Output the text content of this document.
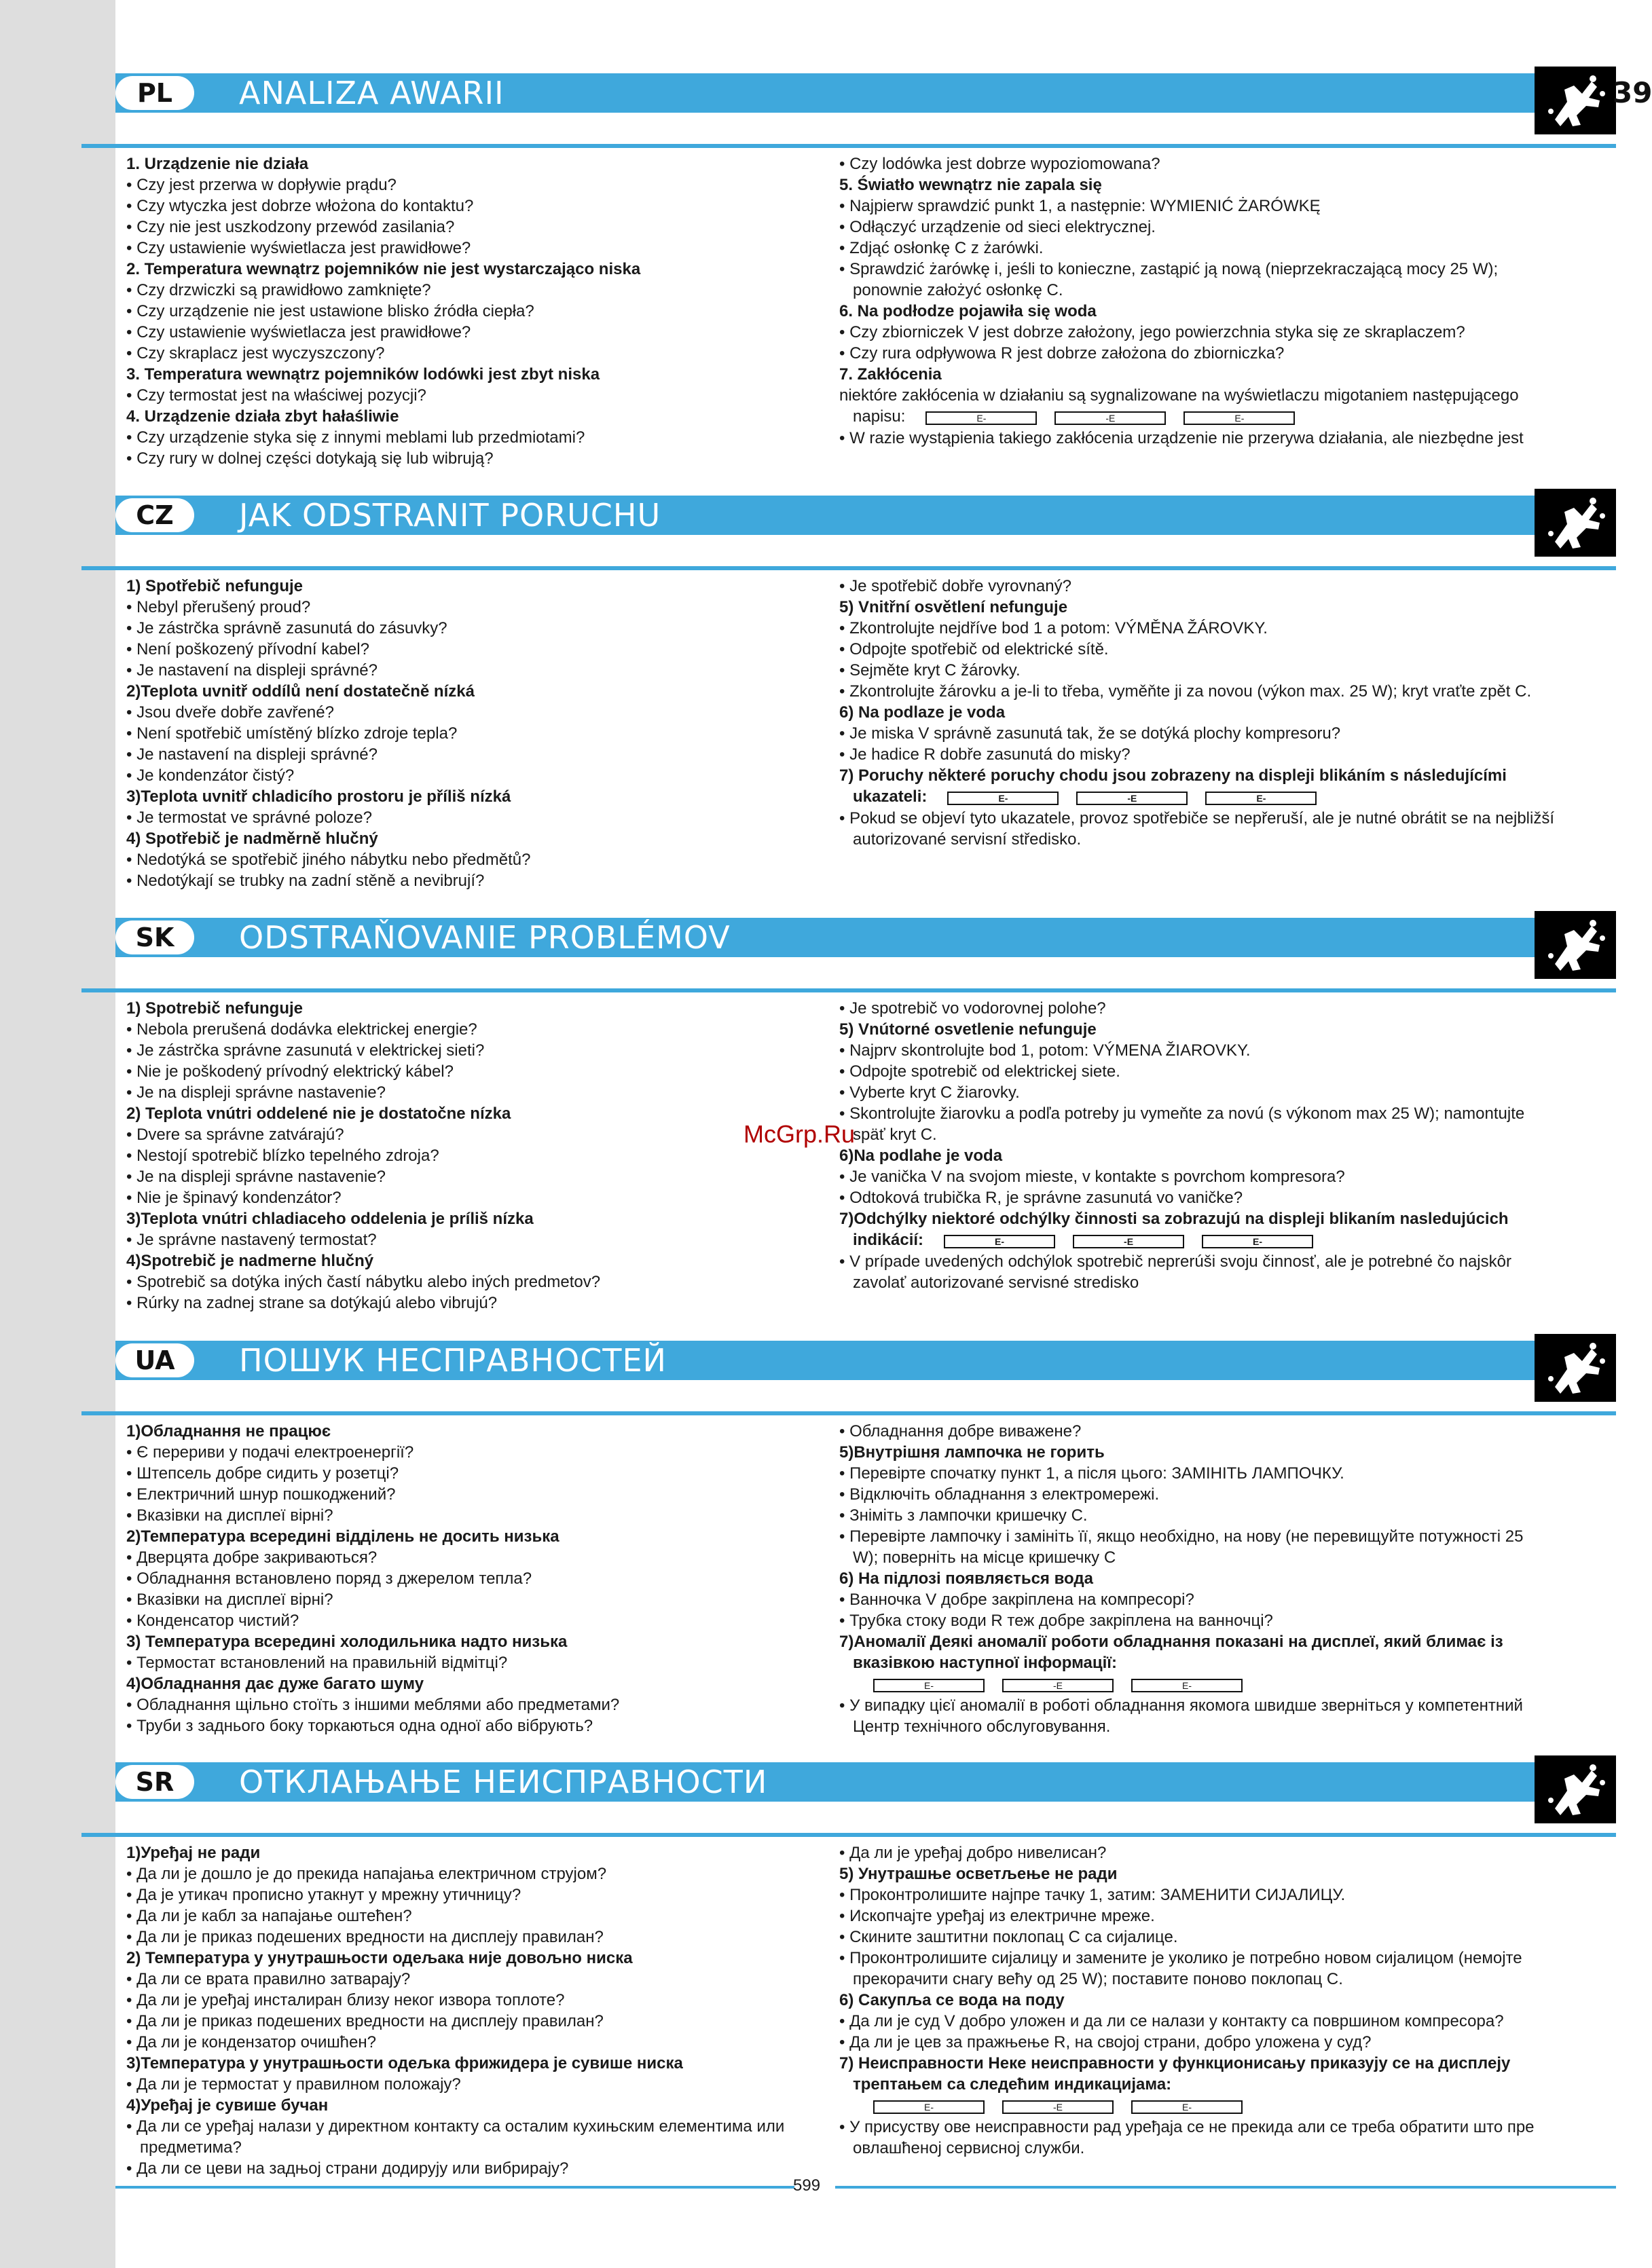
PL	ANALIZA AWARII	39
1. Urządzenie nie działa
• Czy jest przerwa w dopływie prądu?
• Czy wtyczka jest dobrze włożona do kontaktu?
• Czy nie jest uszkodzony przewód zasilania?
• Czy ustawienie wyświetlacza jest prawidłowe?
2. Temperatura wewnątrz pojemników nie jest wystarczająco niska
• Czy drzwiczki są prawidłowo zamknięte?
• Czy urządzenie nie jest ustawione blisko źródła ciepła?
• Czy ustawienie wyświetlacza jest prawidłowe?
• Czy skraplacz jest wyczyszczony?
3. Temperatura wewnątrz pojemników lodówki jest zbyt niska
• Czy termostat jest na właściwej pozycji?
4. Urządzenie działa zbyt hałaśliwie
• Czy urządzenie styka się z innymi meblami lub przedmiotami?
• Czy rury w dolnej części dotykają się lub wibrują?
• Czy lodówka jest dobrze wypoziomowana?
5. Światło wewnątrz nie zapala się
• Najpierw sprawdzić punkt 1, a następnie: WYMIENIĆ ŻARÓWKĘ
• Odłączyć urządzenie od sieci elektrycznej.
• Zdjąć osłonkę C z żarówki.
• Sprawdzić żarówkę i, jeśli to konieczne, zastąpić ją nową (nieprzekraczającą mocy 25 W);
ponownie założyć osłonkę C.
6. Na podłodze pojawiła się woda
• Czy zbiorniczek V jest dobrze założony, jego powierzchnia styka się ze skraplaczem?
• Czy rura odpływowa R jest dobrze założona do zbiorniczka?
7. Zakłócenia
niektóre zakłócenia w działaniu są sygnalizowane na wyświetlaczu migotaniem następującego
napisu:	E-	-E	E-
• W razie wystąpienia takiego zakłócenia urządzenie nie przerywa działania, ale niezbędne jest
CZ	JAK ODSTRANIT PORUCHU
1) Spotřebič nefunguje
• Nebyl přerušený proud?
• Je zástrčka správně zasunutá do zásuvky?
• Není poškozený přívodní kabel?
• Je nastavení na displeji správné?
2)Teplota uvnitř oddílů není dostatečně nízká
• Jsou dveře dobře zavřené?
• Není spotřebič umístěný blízko zdroje tepla?
• Je nastavení na displeji správné?
• Je kondenzátor čistý?
3)Teplota uvnitř chladicího prostoru je příliš nízká
• Je termostat ve správné poloze?
4) Spotřebič je nadměrně hlučný
• Nedotýká se spotřebič jiného nábytku nebo předmětů?
• Nedotýkají se trubky na zadní stěně a nevibrují?
• Je spotřebič dobře vyrovnaný?
5) Vnitřní osvětlení nefunguje
• Zkontrolujte nejdříve bod 1 a potom: VÝMĚNA ŽÁROVKY.
• Odpojte spotřebič od elektrické sítě.
• Sejměte kryt C žárovky.
• Zkontrolujte žárovku a je-li to třeba, vyměňte ji za novou (výkon max. 25 W); kryt vraťte zpět C.
6) Na podlaze je voda
• Je miska V správně zasunutá tak, že se dotýká plochy kompresoru?
• Je hadice R dobře zasunutá do misky?
7) Poruchy některé poruchy chodu jsou zobrazeny na displeji blikáním s následujícími
ukazateli:	E-	-E	E-
• Pokud se objeví tyto ukazatele, provoz spotřebiče se nepřeruší, ale je nutné obrátit se na nejbližší
autorizované servisní středisko.
SK	ODSTRAŇOVANIE PROBLÉMOV
1) Spotrebič nefunguje
• Nebola prerušená dodávka elektrickej energie?
• Je zástrčka správne zasunutá v elektrickej sieti?
• Nie je poškodený prívodný elektrický kábel?
• Je na displeji správne nastavenie?
2) Teplota vnútri oddelené nie je dostatočne nízka
• Dvere sa správne zatvárajú?
• Nestojí spotrebič blízko tepelného zdroja?
• Je na displeji správne nastavenie?
• Nie je špinavý kondenzátor?
3)Teplota vnútri chladiaceho oddelenia je príliš nízka
• Je správne nastavený termostat?
4)Spotrebič je nadmerne hlučný
• Spotrebič sa dotýka iných častí nábytku alebo iných predmetov?
• Rúrky na zadnej strane sa dotýkajú alebo vibrujú?
• Je spotrebič vo vodorovnej polohe?
5) Vnútorné osvetlenie nefunguje
• Najprv skontrolujte bod 1, potom: VÝMENA ŽIAROVKY.
• Odpojte spotrebič od elektrickej siete.
• Vyberte kryt C žiarovky.
• Skontrolujte žiarovku a podľa potreby ju vymeňte za novú (s výkonom max 25 W); namontujte
späť kryt C.
6)Na podlahe je voda
• Je vanička V na svojom mieste, v kontakte s povrchom kompresora?
• Odtoková trubička R, je správne zasunutá vo vaničke?
7)Odchýlky niektoré odchýlky činnosti sa zobrazujú na displeji blikaním nasledujúcich
indikácií:	E-	-E	E-
• V prípade uvedených odchýlok spotrebič neprerúši svoju činnosť, ale je potrebné čo najskôr
zavolať autorizované servisné stredisko
UA	ПОШУК НЕСПРАВНОСТЕЙ
1)Обладнання не працює
• Є перериви у подачі електроенергії?
• Штепсель добре сидить у розетці?
• Електричний шнур пошкоджений?
• Вказівки на дисплеї вірні?
2)Температура всередині відділень не досить низька
• Дверцята добре закриваються?
• Обладнання встановлено поряд з джерелом тепла?
• Вказівки на дисплеї вірні?
• Конденсатор чистий?
3) Температура всередині холодильника надто низька
• Термостат встановлений на правильній відмітці?
4)Обладнання дає дуже багато шуму
• Обладнання щільно стоїть з іншими меблями або предметами?
• Труби з заднього боку торкаються одна одної або вібрують?
• Обладнання добре виважене?
5)Внутрішня лампочка не горить
• Перевірте спочатку пункт 1, а після цього: ЗАМІНІТЬ ЛАМПОЧКУ.
• Відключіть обладнання з електромережі.
• Зніміть з лампочки кришечку С.
• Перевірте лампочку і замініть її, якщо необхідно, на нову (не перевищуйте потужності 25
W); поверніть на місце кришечку С
6) На підлозі появляється вода
• Ванночка V добре закріплена на компресорі?
• Трубка стоку води R теж добре закріплена на ванночці?
7)Аномалії Деякі аномалії роботи обладнання показані на дисплеї, який блимає із
вказівкою наступної інформації:
E-	-E	E-
• У випадку цієї аномалії в роботі обладнання якомога швидше зверніться у компетентний
Центр технічного обслуговування.
SR	ОТКЛАЊАЊЕ НЕИСПРАВНОСТИ
1)Уређај не ради
• Да ли је дошло је до прекида напајања електричном струјом?
• Да је утикач прописно утакнут у мрежну утичницу?
• Да ли је кабл за напајање оштећен?
• Да ли је приказ подешених вредности на дисплеју правилан?
2) Температура у унутрашњости одељака није довољно ниска
• Да ли се врата правилно затварају?
• Да ли је уређај инсталиран близу неког извора топлоте?
• Да ли је приказ подешених вредности на дисплеју правилан?
• Да ли је кондензатор очишћен?
3)Температура у унутрашњости одељка фрижидера је сувише ниска
• Да ли је термостат у правилном положају?
4)Уређај је сувише бучан
• Да ли се уређај налази у директном контакту са осталим кухињским елементима или
предметима?
• Да ли се цеви на задњој страни додирују или вибрирају?
• Да ли је уређај добро нивелисан?
5) Унутрашње осветљење не ради
• Проконтролишите најпре тачку 1, затим: ЗАМЕНИТИ СИЈАЛИЦУ.
• Ископчајте уређај из електричне мреже.
• Скините заштитни поклопац C са сијалице.
• Проконтролишите сијалицу и замените је уколико је потребно новом сијалицом (немојте
прекорачити снагу већу од 25 W); поставите поново поклопац C.
6) Сакупља се вода на поду
• Да ли је суд V добро уложен и да ли се налази у контакту са површином компресора?
• Да ли је цев за пражњење R, на својој страни, добро уложена у суд?
7) Неисправности Неке неисправности у функционисању приказују се на дисплеју
трептањем са следећим индикацијама:
E-	-E	E-
• У присуству ове неисправности рад уређаја се не прекида али се треба обратити што пре
овлашћеној сервисној служби.
599
McGrp.Ru
